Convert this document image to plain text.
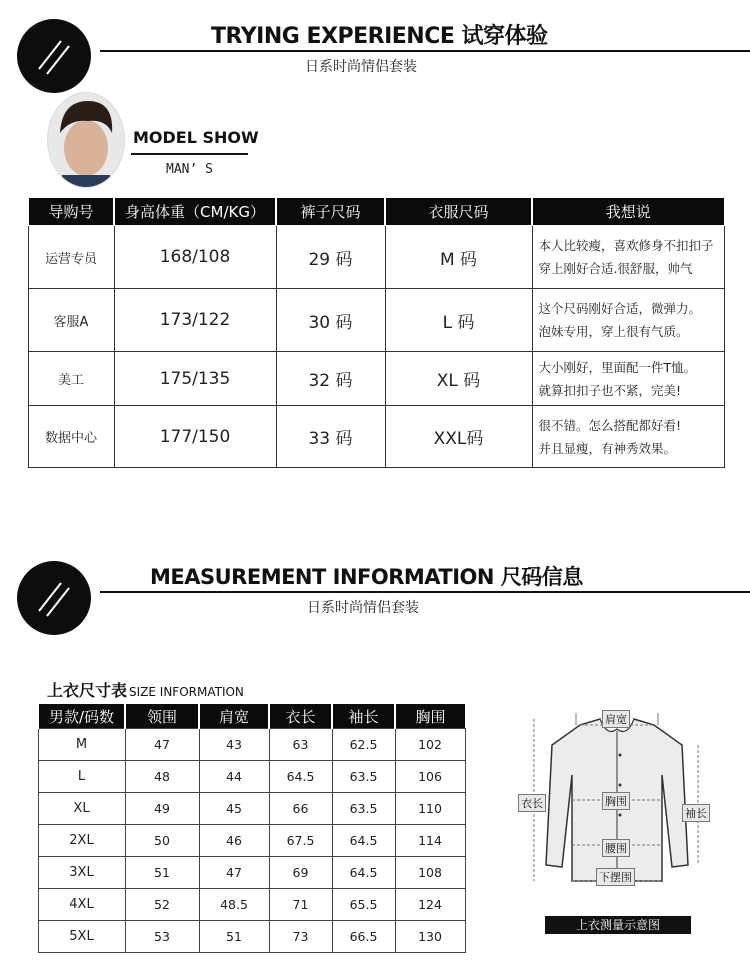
TRYING EXPERIENCE 试穿体验
日系时尚情侣套装
MODEL SHOW
MAN’ S
导购号	身高体重（CM/KG）	裤子尺码	衣服尺码	我想说
运营专员	168/108	29 码	M 码	本人比较瘦，喜欢修身不扣扣子
穿上刚好合适.很舒服，帅气

客服A	173/122	30 码	L 码	这个尺码刚好合适，微弹力。
泡妹专用，穿上很有气质。

美工	175/135	32 码	XL 码	大小刚好，里面配一件T恤。
就算扣扣子也不紧，完美!

数据中心	177/150	33 码	XXL码	很不错。怎么搭配都好看!
并且显瘦，有神秀效果。
MEASUREMENT INFORMATION 尺码信息
日系时尚情侣套装
上衣尺寸表 SIZE INFORMATION
男款/码数	领围	肩宽	衣长	袖长	胸围
M	47	43	63	62.5	102
L	48	44	64.5	63.5	106
XL	49	45	66	63.5	110
2XL	50	46	67.5	64.5	114
3XL	51	47	69	64.5	108
4XL	52	48.5	71	65.5	124
5XL	53	51	73	66.5	130
肩宽
衣长	胸围
袖长
腰围
下摆围
上衣测量示意图
